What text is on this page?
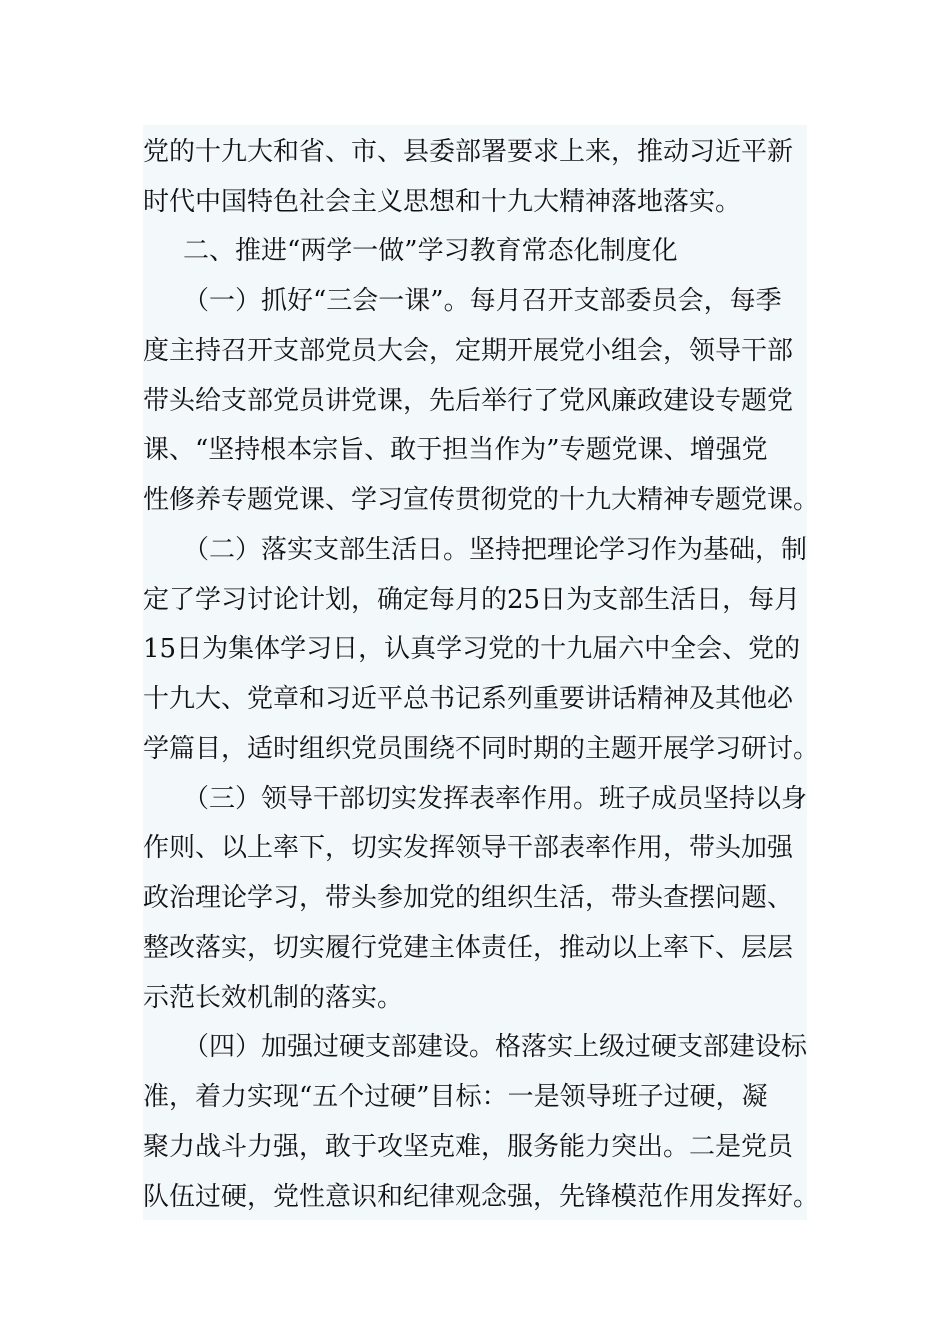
党的十九大和省、市、县委部署要求上来，推动习近平新
时代中国特色社会主义思想和十九大精神落地落实。
二、推进“两学一做”学习教育常态化制度化
（一）抓好“三会一课”。每月召开支部委员会，每季
度主持召开支部党员大会，定期开展党小组会，领导干部
带头给支部党员讲党课，先后举行了党风廉政建设专题党
课、“坚持根本宗旨、敢于担当作为”专题党课、增强党
性修养专题党课、学习宣传贯彻党的十九大精神专题党课。
（二）落实支部生活日。坚持把理论学习作为基础，制
定了学习讨论计划，确定每月的25日为支部生活日，每月
15日为集体学习日，认真学习党的十九届六中全会、党的
十九大、党章和习近平总书记系列重要讲话精神及其他必
学篇目，适时组织党员围绕不同时期的主题开展学习研讨。
（三）领导干部切实发挥表率作用。班子成员坚持以身
作则、以上率下，切实发挥领导干部表率作用，带头加强
政治理论学习，带头参加党的组织生活，带头查摆问题、
整改落实，切实履行党建主体责任，推动以上率下、层层
示范长效机制的落实。
（四）加强过硬支部建设。格落实上级过硬支部建设标
准，着力实现“五个过硬”目标：一是领导班子过硬，凝
聚力战斗力强，敢于攻坚克难，服务能力突出。二是党员
队伍过硬，党性意识和纪律观念强，先锋模范作用发挥好。
